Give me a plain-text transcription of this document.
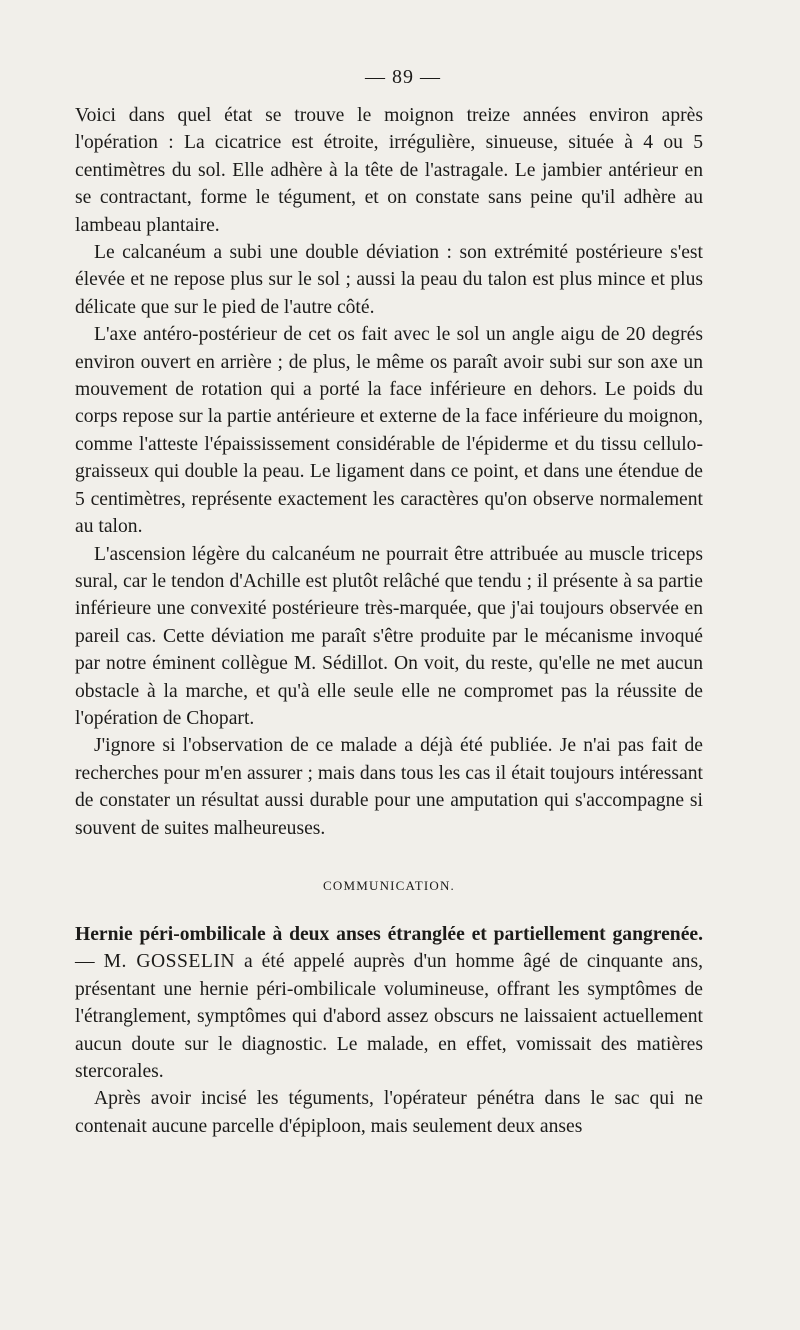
— 89 —

Voici dans quel état se trouve le moignon treize années environ après l'opération : La cicatrice est étroite, irrégulière, sinueuse, située à 4 ou 5 centimètres du sol. Elle adhère à la tête de l'astragale. Le jambier antérieur en se contractant, forme le tégument, et on constate sans peine qu'il adhère au lambeau plantaire.

Le calcanéum a subi une double déviation : son extrémité postérieure s'est élevée et ne repose plus sur le sol ; aussi la peau du talon est plus mince et plus délicate que sur le pied de l'autre côté.

L'axe antéro-postérieur de cet os fait avec le sol un angle aigu de 20 degrés environ ouvert en arrière ; de plus, le même os paraît avoir subi sur son axe un mouvement de rotation qui a porté la face inférieure en dehors. Le poids du corps repose sur la partie antérieure et externe de la face inférieure du moignon, comme l'atteste l'épaississement considérable de l'épiderme et du tissu cellulo-graisseux qui double la peau. Le ligament dans ce point, et dans une étendue de 5 centimètres, représente exactement les caractères qu'on observe normalement au talon.

L'ascension légère du calcanéum ne pourrait être attribuée au muscle triceps sural, car le tendon d'Achille est plutôt relâché que tendu ; il présente à sa partie inférieure une convexité postérieure très-marquée, que j'ai toujours observée en pareil cas. Cette déviation me paraît s'être produite par le mécanisme invoqué par notre éminent collègue M. Sédillot. On voit, du reste, qu'elle ne met aucun obstacle à la marche, et qu'à elle seule elle ne compromet pas la réussite de l'opération de Chopart.

J'ignore si l'observation de ce malade a déjà été publiée. Je n'ai pas fait de recherches pour m'en assurer ; mais dans tous les cas il était toujours intéressant de constater un résultat aussi durable pour une amputation qui s'accompagne si souvent de suites malheureuses.

COMMUNICATION.

Hernie péri-ombilicale à deux anses étranglée et partiellement gangrenée. — M. GOSSELIN a été appelé auprès d'un homme âgé de cinquante ans, présentant une hernie péri-ombilicale volumineuse, offrant les symptômes de l'étranglement, symptômes qui d'abord assez obscurs ne laissaient actuellement aucun doute sur le diagnostic. Le malade, en effet, vomissait des matières stercorales.

Après avoir incisé les téguments, l'opérateur pénétra dans le sac qui ne contenait aucune parcelle d'épiploon, mais seulement deux anses
